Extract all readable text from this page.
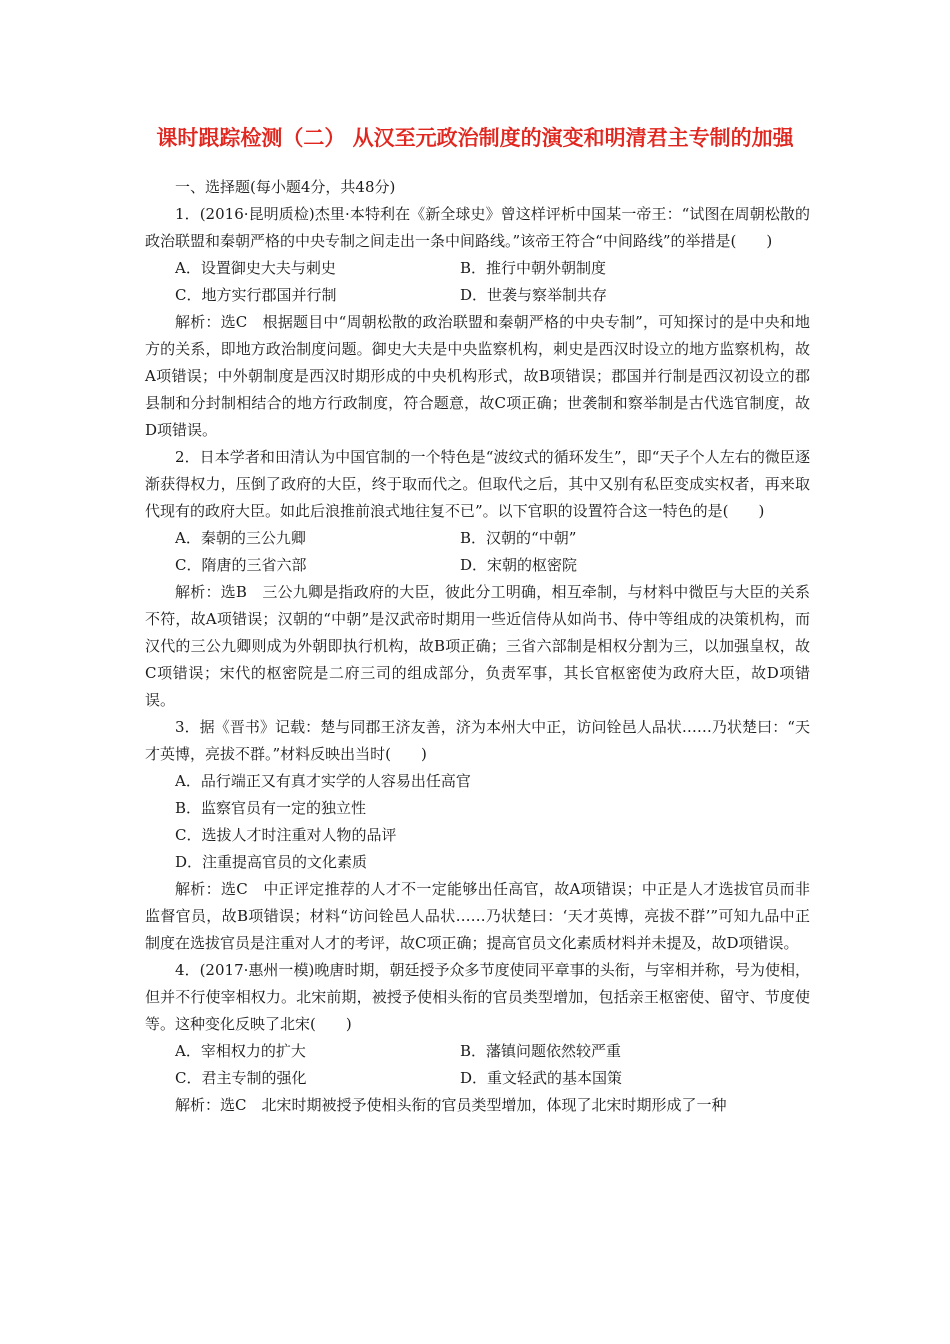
课时跟踪检测（二） 从汉至元政治制度的演变和明清君主专制的加强

一、选择题(每小题4分，共48分)

1．(2016·昆明质检)杰里·本特利在《新全球史》曾这样评析中国某一帝王：“试图在周朝松散的政治联盟和秦朝严格的中央专制之间走出一条中间路线。”该帝王符合“中间路线”的举措是(　　)

A．设置御史大夫与刺史	B．推行中朝外朝制度
C．地方实行郡国并行制	D．世袭与察举制共存

解析：选C　根据题目中“周朝松散的政治联盟和秦朝严格的中央专制”，可知探讨的是中央和地方的关系，即地方政治制度问题。御史大夫是中央监察机构，刺史是西汉时设立的地方监察机构，故A项错误；中外朝制度是西汉时期形成的中央机构形式，故B项错误；郡国并行制是西汉初设立的郡县制和分封制相结合的地方行政制度，符合题意，故C项正确；世袭制和察举制是古代选官制度，故D项错误。

2．日本学者和田清认为中国官制的一个特色是“波纹式的循环发生”，即“天子个人左右的微臣逐渐获得权力，压倒了政府的大臣，终于取而代之。但取代之后，其中又别有私臣变成实权者，再来取代现有的政府大臣。如此后浪推前浪式地往复不已”。以下官职的设置符合这一特色的是(　　)

A．秦朝的三公九卿	B．汉朝的“中朝”
C．隋唐的三省六部	D．宋朝的枢密院

解析：选B　三公九卿是指政府的大臣，彼此分工明确，相互牵制，与材料中微臣与大臣的关系不符，故A项错误；汉朝的“中朝”是汉武帝时期用一些近信侍从如尚书、侍中等组成的决策机构，而汉代的三公九卿则成为外朝即执行机构，故B项正确；三省六部制是相权分割为三，以加强皇权，故C项错误；宋代的枢密院是二府三司的组成部分，负责军事，其长官枢密使为政府大臣，故D项错误。

3．据《晋书》记载：楚与同郡王济友善，济为本州大中正，访问铨邑人品状……乃状楚曰：“天才英博，亮拔不群。”材料反映出当时(　　)

A．品行端正又有真才实学的人容易出任高官
B．监察官员有一定的独立性
C．选拔人才时注重对人物的品评
D．注重提高官员的文化素质

解析：选C　中正评定推荐的人才不一定能够出任高官，故A项错误；中正是人才选拔官员而非监督官员，故B项错误；材料“访问铨邑人品状……乃状楚曰：‘天才英博，亮拔不群’”可知九品中正制度在选拔官员是注重对人才的考评，故C项正确；提高官员文化素质材料并未提及，故D项错误。

4．(2017·惠州一模)晚唐时期，朝廷授予众多节度使同平章事的头衔，与宰相并称，号为使相，但并不行使宰相权力。北宋前期，被授予使相头衔的官员类型增加，包括亲王枢密使、留守、节度使等。这种变化反映了北宋(　　)

A．宰相权力的扩大	B．藩镇问题依然较严重
C．君主专制的强化	D．重文轻武的基本国策

解析：选C　北宋时期被授予使相头衔的官员类型增加，体现了北宋时期形成了一种
